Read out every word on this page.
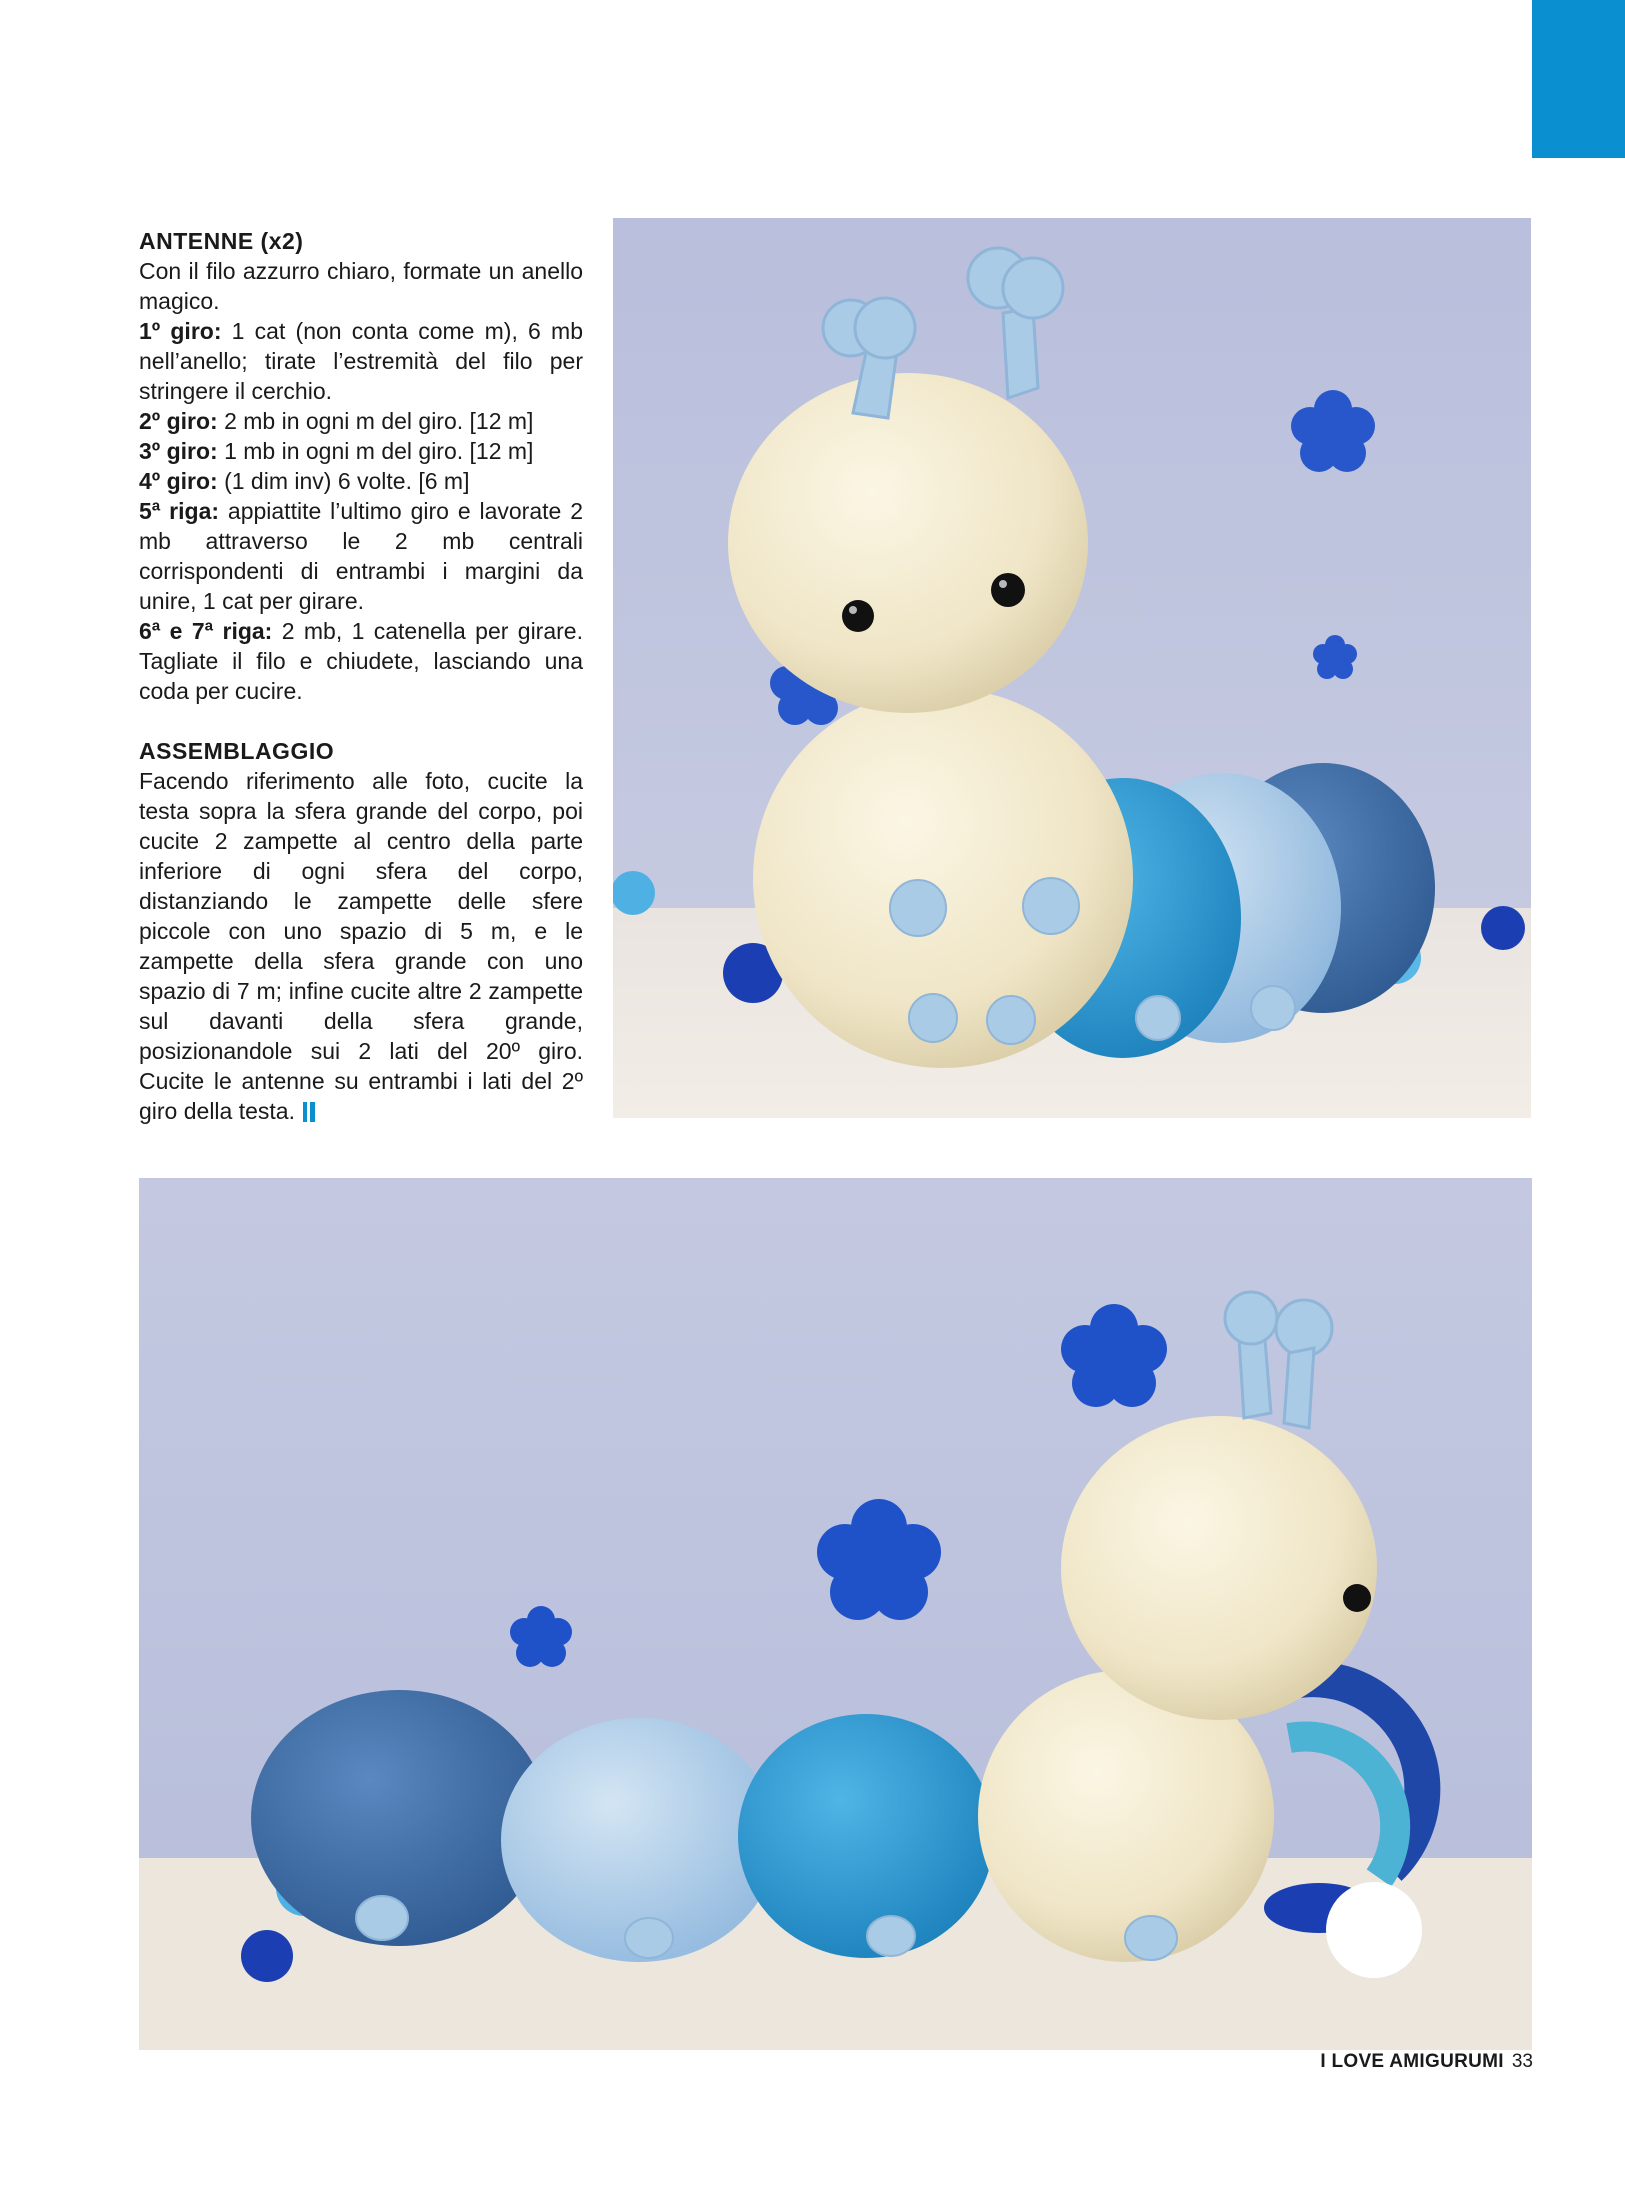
ANTENNE (x2)

Con il filo azzurro chiaro, formate un anello magico.

1º giro: 1 cat (non conta come m), 6 mb nell’anello; tirate l’estremità del filo per stringere il cerchio.

2º giro: 2 mb in ogni m del giro. [12 m]

3º giro: 1 mb in ogni m del giro. [12 m]

4º giro: (1 dim inv) 6 volte. [6 m]

5ª riga: appiattite l’ultimo giro e lavorate 2 mb attraverso le 2 mb centrali corrispondenti di entrambi i margini da unire, 1 cat per girare.

6ª e 7ª riga: 2 mb, 1 catenella per girare. Tagliate il filo e chiudete, lasciando una coda per cucire.

ASSEMBLAGGIO

Facendo riferimento alle foto, cucite la testa sopra la sfera grande del corpo, poi cucite 2 zampette al centro della parte inferiore di ogni sfera del corpo, distanziando le zampette delle sfere piccole con uno spazio di 5 m, e le zampette della sfera grande con uno spazio di 7 m; infine cucite altre 2 zampette sul davanti della sfera grande, posizionandole sui 2 lati del 20º giro. Cucite le antenne su entrambi i lati del 2º giro della testa.

I LOVE AMIGURUMI 33
